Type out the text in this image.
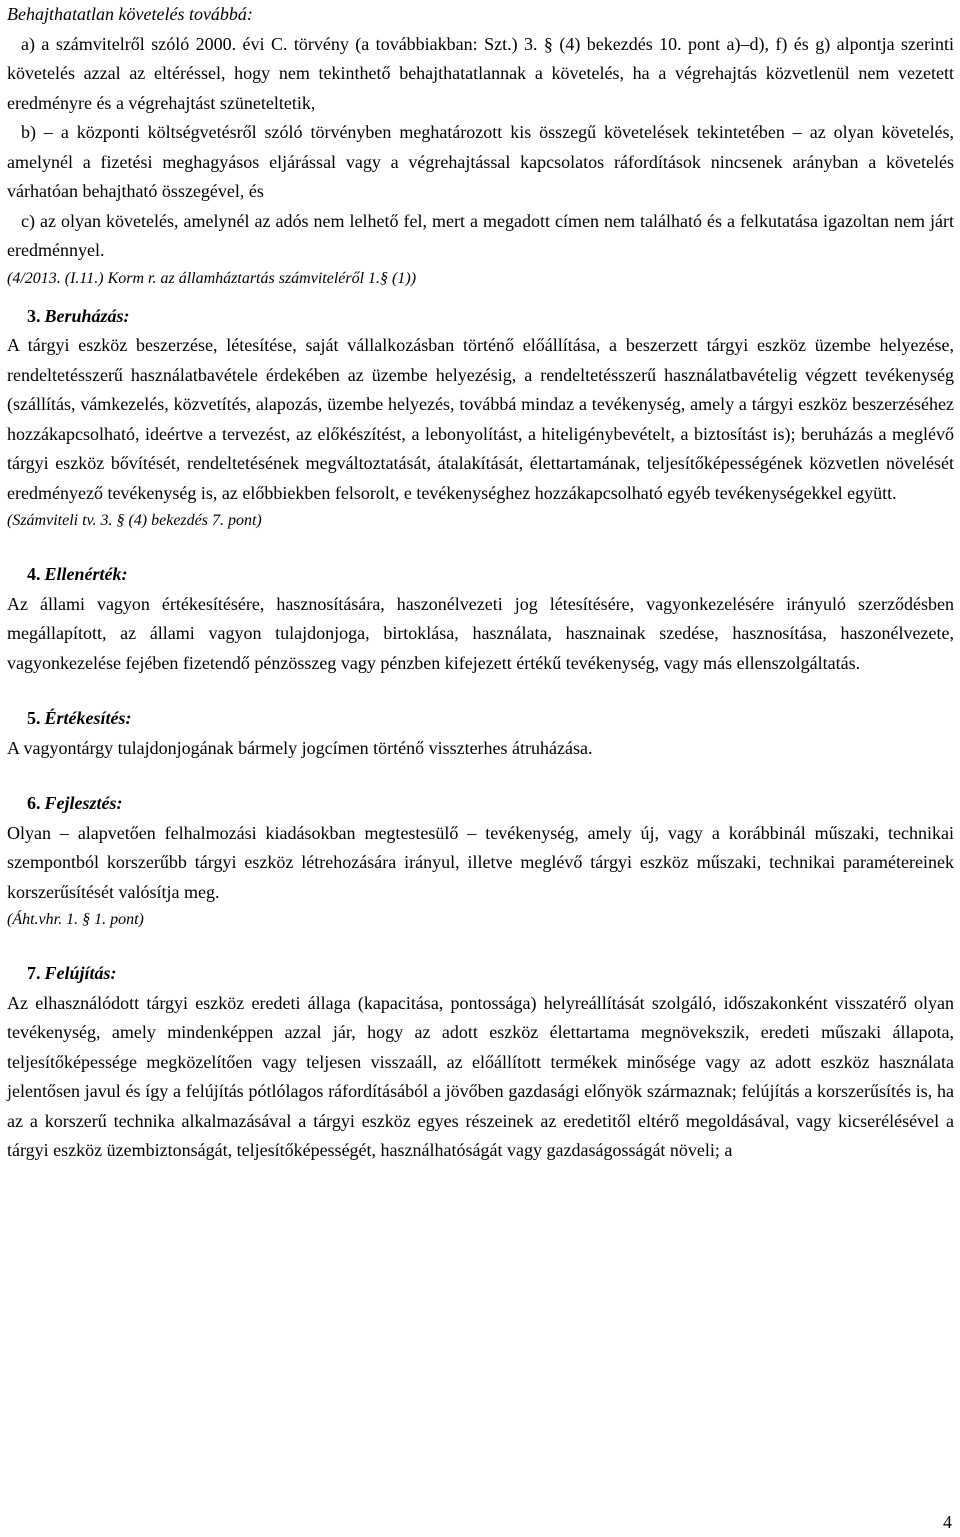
Behajthatatlan követelés továbbá:

a) a számvitelről szóló 2000. évi C. törvény (a továbbiakban: Szt.) 3. § (4) bekezdés 10. pont a)–d), f) és g) alpontja szerinti követelés azzal az eltéréssel, hogy nem tekinthető behajthatatlannak a követelés, ha a végrehajtás közvetlenül nem vezetett eredményre és a végrehajtást szüneteltetik,

b) – a központi költségvetésről szóló törvényben meghatározott kis összegű követelések tekintetében – az olyan követelés, amelynél a fizetési meghagyásos eljárással vagy a végrehajtással kapcsolatos ráfordítások nincsenek arányban a követelés várhatóan behajtható összegével, és

c) az olyan követelés, amelynél az adós nem lelhető fel, mert a megadott címen nem található és a felkutatása igazoltan nem járt eredménnyel.

(4/2013. (I.11.) Korm r. az államháztartás számviteléről 1.§ (1))

3. Beruházás:

A tárgyi eszköz beszerzése, létesítése, saját vállalkozásban történő előállítása, a beszerzett tárgyi eszköz üzembe helyezése, rendeltetésszerű használatbavétele érdekében az üzembe helyezésig, a rendeltetésszerű használatbavételig végzett tevékenység (szállítás, vámkezelés, közvetítés, alapozás, üzembe helyezés, továbbá mindaz a tevékenység, amely a tárgyi eszköz beszerzéséhez hozzákapcsolható, ideértve a tervezést, az előkészítést, a lebonyolítást, a hiteligénybevételt, a biztosítást is); beruházás a meglévő tárgyi eszköz bővítését, rendeltetésének megváltoztatását, átalakítását, élettartamának, teljesítőképességének közvetlen növelését eredményező tevékenység is, az előbbiekben felsorolt, e tevékenységhez hozzákapcsolható egyéb tevékenységekkel együtt.

(Számviteli tv. 3. § (4) bekezdés 7. pont)

4. Ellenérték:

Az állami vagyon értékesítésére, hasznosítására, haszonélvezeti jog létesítésére, vagyonkezelésére irányuló szerződésben megállapított, az állami vagyon tulajdonjoga, birtoklása, használata, hasznainak szedése, hasznosítása, haszonélvezete, vagyonkezelése fejében fizetendő pénzösszeg vagy pénzben kifejezett értékű tevékenység, vagy más ellenszolgáltatás.

5. Értékesítés:

A vagyontárgy tulajdonjogának bármely jogcímen történő visszterhes átruházása.

6. Fejlesztés:

Olyan – alapvetően felhalmozási kiadásokban megtestesülő – tevékenység, amely új, vagy a korábbinál műszaki, technikai szempontból korszerűbb tárgyi eszköz létrehozására irányul, illetve meglévő tárgyi eszköz műszaki, technikai paramétereinek korszerűsítését valósítja meg.

(Áht.vhr. 1. § 1. pont)

7. Felújítás:

Az elhasználódott tárgyi eszköz eredeti állaga (kapacitása, pontossága) helyreállítását szolgáló, időszakonként visszatérő olyan tevékenység, amely mindenképpen azzal jár, hogy az adott eszköz élettartama megnövekszik, eredeti műszaki állapota, teljesítőképessége megközelítően vagy teljesen visszaáll, az előállított termékek minősége vagy az adott eszköz használata jelentősen javul és így a felújítás pótlólagos ráfordításából a jövőben gazdasági előnyök származnak; felújítás a korszerűsítés is, ha az a korszerű technika alkalmazásával a tárgyi eszköz egyes részeinek az eredetitől eltérő megoldásával, vagy kicserélésével a tárgyi eszköz üzembiztonságát, teljesítőképességét, használhatóságát vagy gazdaságosságát növeli; a

4
